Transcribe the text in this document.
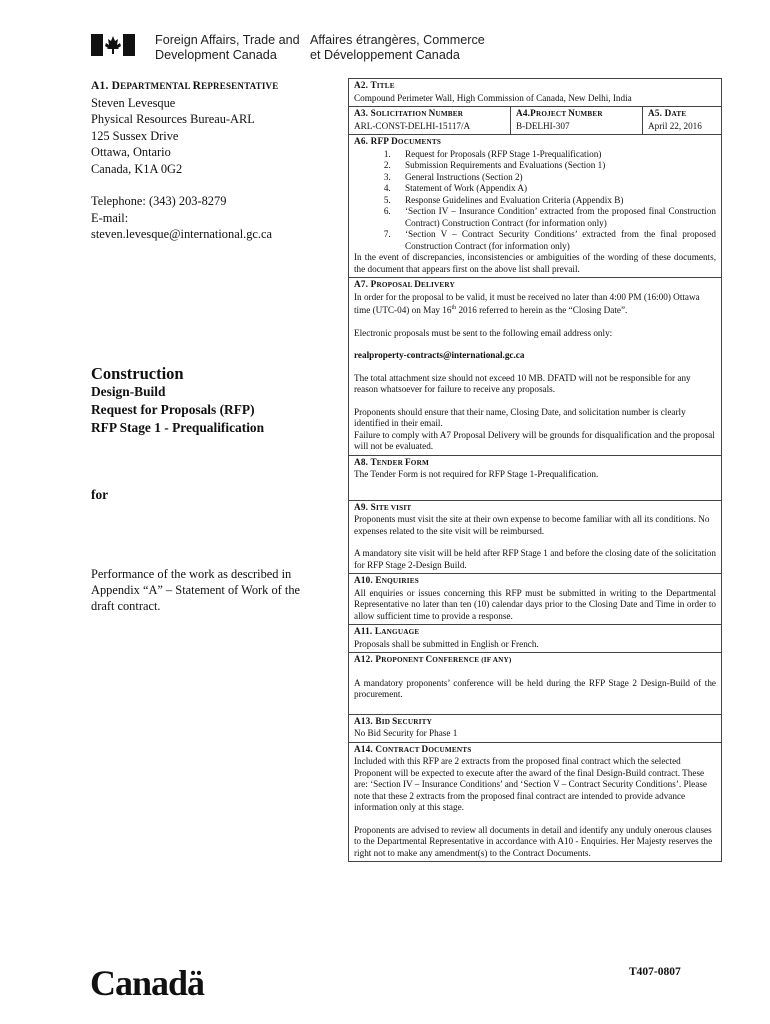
Foreign Affairs, Trade and
Development Canada
Affaires étrangères, Commerce
et Développement Canada
A1. DEPARTMENTAL REPRESENTATIVE
Steven Levesque
Physical Resources Bureau-ARL
125 Sussex Drive
Ottawa, Ontario
Canada, K1A 0G2
Telephone: (343) 203-8279
E-mail:
steven.levesque@international.gc.ca
Construction
Design-Build
Request for Proposals (RFP)
RFP Stage 1 - Prequalification
for
Performance of the work as described in Appendix “A” – Statement of Work of the draft contract.
A2. TITLE
Compound Perimeter Wall, High Commission of Canada, New Delhi, India
A3. SOLICITATION NUMBER
ARL-CONST-DELHI-15117/A
A4.PROJECT NUMBER
B-DELHI-307
A5. DATE
April 22, 2016
A6. RFP DOCUMENTS
1. Request for Proposals (RFP Stage 1-Prequalification)
2. Submission Requirements and Evaluations (Section 1)
3. General Instructions (Section 2)
4. Statement of Work (Appendix A)
5. Response Guidelines and Evaluation Criteria (Appendix B)
6. ‘Section IV – Insurance Condition’ extracted from the proposed final Construction Contract) Construction Contract (for information only)
7. ‘Section V – Contract Security Conditions’ extracted from the final proposed Construction Contract (for information only)

In the event of discrepancies, inconsistencies or ambiguities of the wording of these documents, the document that appears first on the above list shall prevail.

A7. PROPOSAL DELIVERY

In order for the proposal to be valid, it must be received no later than 4:00 PM (16:00) Ottawa time (UTC-04) on May 16th 2016 referred to herein as the “Closing Date”.

Electronic proposals must be sent to the following email address only:

realproperty-contracts@international.gc.ca

The total attachment size should not exceed 10 MB. DFATD will not be responsible for any reason whatsoever for failure to receive any proposals.

Proponents should ensure that their name, Closing Date, and solicitation number is clearly identified in their email.

Failure to comply with A7 Proposal Delivery will be grounds for disqualification and the proposal will not be evaluated.

A8. TENDER FORM

The Tender Form is not required for RFP Stage 1-Prequalification.

A9. SITE VISIT

Proponents must visit the site at their own expense to become familiar with all its conditions. No expenses related to the site visit will be reimbursed.

A mandatory site visit will be held after RFP Stage 1 and before the closing date of the solicitation for RFP Stage 2-Design Build.

A10. ENQUIRIES

All enquiries or issues concerning this RFP must be submitted in writing to the Departmental Representative no later than ten (10) calendar days prior to the Closing Date and Time in order to allow sufficient time to provide a response.

A11. LANGUAGE

Proposals shall be submitted in English or French.

A12. PROPONENT CONFERENCE (IF ANY)

A mandatory proponents’ conference will be held during the RFP Stage 2 Design-Build of the procurement.

A13. BID SECURITY

No Bid Security for Phase 1

A14. CONTRACT DOCUMENTS

Included with this RFP are 2 extracts from the proposed final contract which the selected Proponent will be expected to execute after the award of the final Design-Build contract. These are: ‘Section IV – Insurance Conditions’ and ‘Section V – Contract Security Conditions’. Please note that these 2 extracts from the proposed final contract are intended to provide advance information only at this stage.

Proponents are advised to review all documents in detail and identify any unduly onerous clauses to the Departmental Representative in accordance with A10 - Enquiries. Her Majesty reserves the right not to make any amendment(s) to the Contract Documents.

Canadä	T407-0807
